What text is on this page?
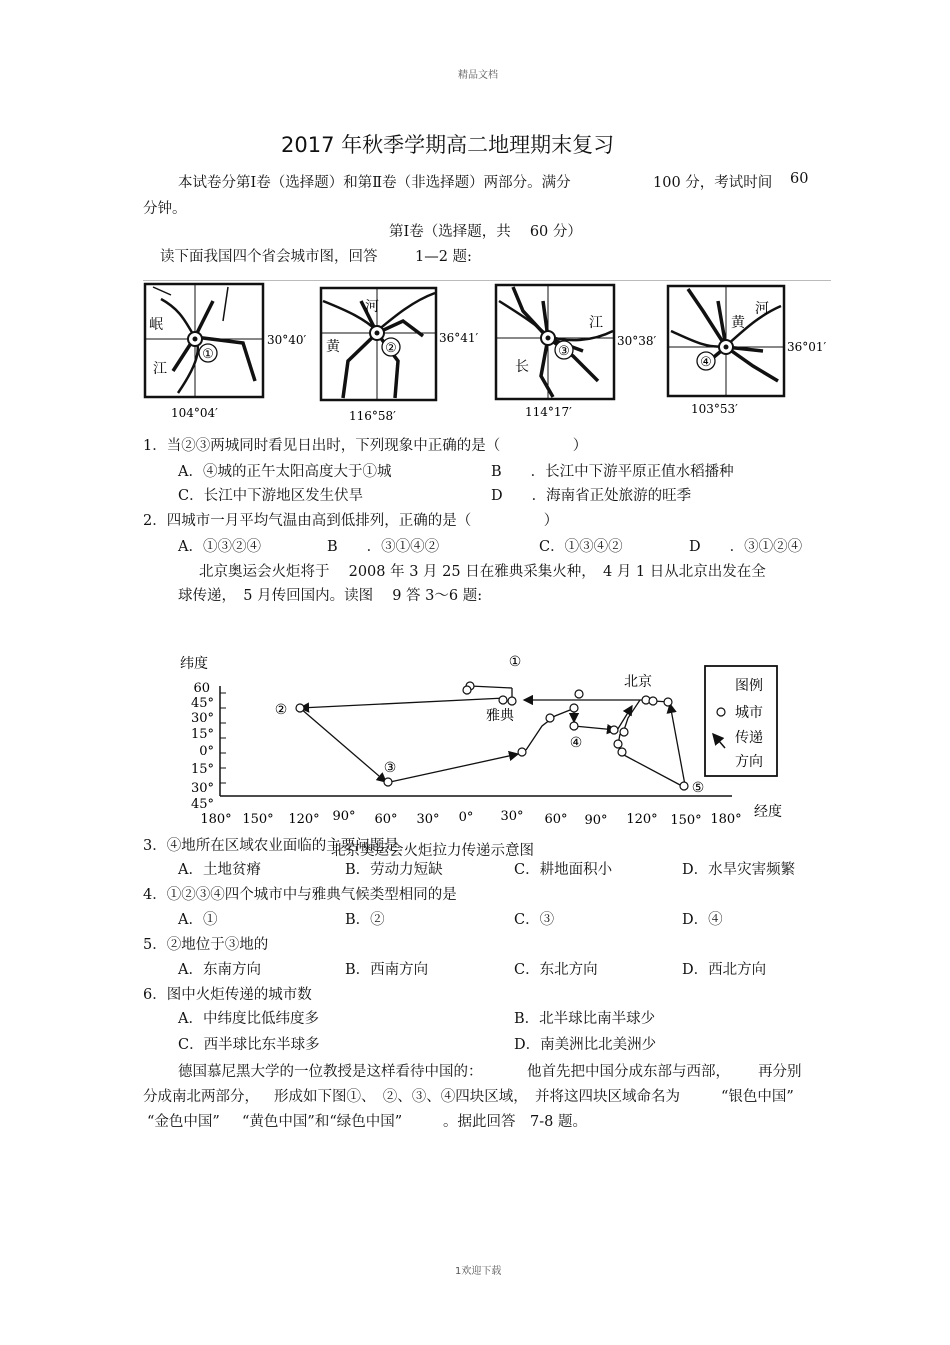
精品文档
2017 年秋季学期高二地理期末复习
本试卷分第Ⅰ卷（选择题）和第Ⅱ卷（非选择题）两部分。满分	100 分，考试时间 60
分钟。
第Ⅰ卷（选择题，共　 60 分）
读下面我国四个省会城市图，回答	1—2 题:
①
岷
江
30°40′
104°04′
②
河
黄
36°41′
116°58′
③
江
长
30°38′
114°17′
④
河
黄
36°01′
103°53′
1．当②③两城同时看见日出时，下列现象中正确的是（　　　　　）
A．④城的正午太阳高度大于①城	B　　．长江中下游平原正值水稻播种
C．长江中下游地区发生伏旱	D　　．海南省正处旅游的旺季
2．四城市一月平均气温由高到低排列，正确的是（　　　　　）
A．①③②④	B　　．③①④②	C．①③④②	D　　．③①②④
北京奥运会火炬将于　 2008 年 3 月 25 日在雅典采集火种，　4 月 1 日从北京出发在全
球传递，　5 月传回国内。读图　 9 答 3～6 题:
纬度
60
45°
30°
15°
0°
15°
30°
45°
180° 150° 120° 90° 60° 30° 0° 30° 60° 90° 120° 150° 180° 经度
雅典
北京
①
②
③
④
⑤
图例
城市
传递
方向
3．④地所在区域农业面临的主要问题是
北京奥运会火炬拉力传递示意图
A．土地贫瘠	B．劳动力短缺	C．耕地面积小	D．水旱灾害频繁
4．①②③④四个城市中与雅典气候类型相同的是
A．①	B．②	C．③	D．④
5．②地位于③地的
A．东南方向	B．西南方向	C．东北方向	D．西北方向
6．图中火炬传递的城市数
A．中纬度比低纬度多	B．北半球比南半球少
C．西半球比东半球多	D．南美洲比北美洲少
德国慕尼黑大学的一位教授是这样看待中国的：	他首先把中国分成东部与西部， 再分别
分成南北两部分， 形成如下图①、　②、③、④四块区域，　并将这四块区域命名为	“银色中国”
“金色中国” “黄色中国”和“绿色中国”	。据此回答　7-8 题。
1欢迎下载
